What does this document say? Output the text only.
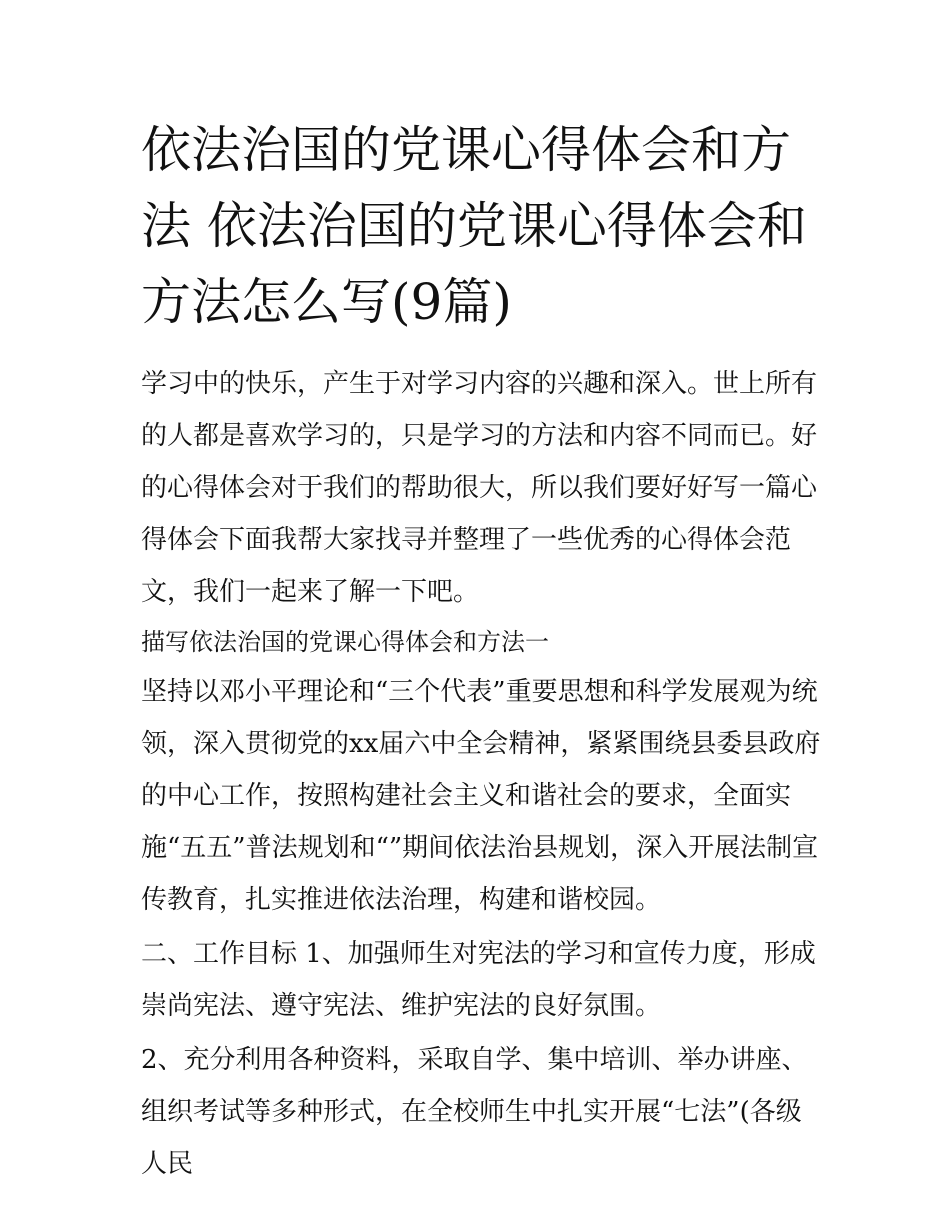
依法治国的党课心得体会和方法 依法治国的党课心得体会和方法怎么写(9篇)

学习中的快乐，产生于对学习内容的兴趣和深入。世上所有的人都是喜欢学习的，只是学习的方法和内容不同而已。好的心得体会对于我们的帮助很大，所以我们要好好写一篇心得体会下面我帮大家找寻并整理了一些优秀的心得体会范文，我们一起来了解一下吧。

描写依法治国的党课心得体会和方法一

坚持以邓小平理论和“三个代表”重要思想和科学发展观为统领，深入贯彻党的xx届六中全会精神，紧紧围绕县委县政府的中心工作，按照构建社会主义和谐社会的要求，全面实施“五五”普法规划和“”期间依法治县规划，深入开展法制宣传教育，扎实推进依法治理，构建和谐校园。

二、工作目标 1、加强师生对宪法的学习和宣传力度，形成崇尚宪法、遵守宪法、维护宪法的良好氛围。

2、充分利用各种资料，采取自学、集中培训、举办讲座、组织考试等多种形式，在全校师生中扎实开展“七法”(各级人民
